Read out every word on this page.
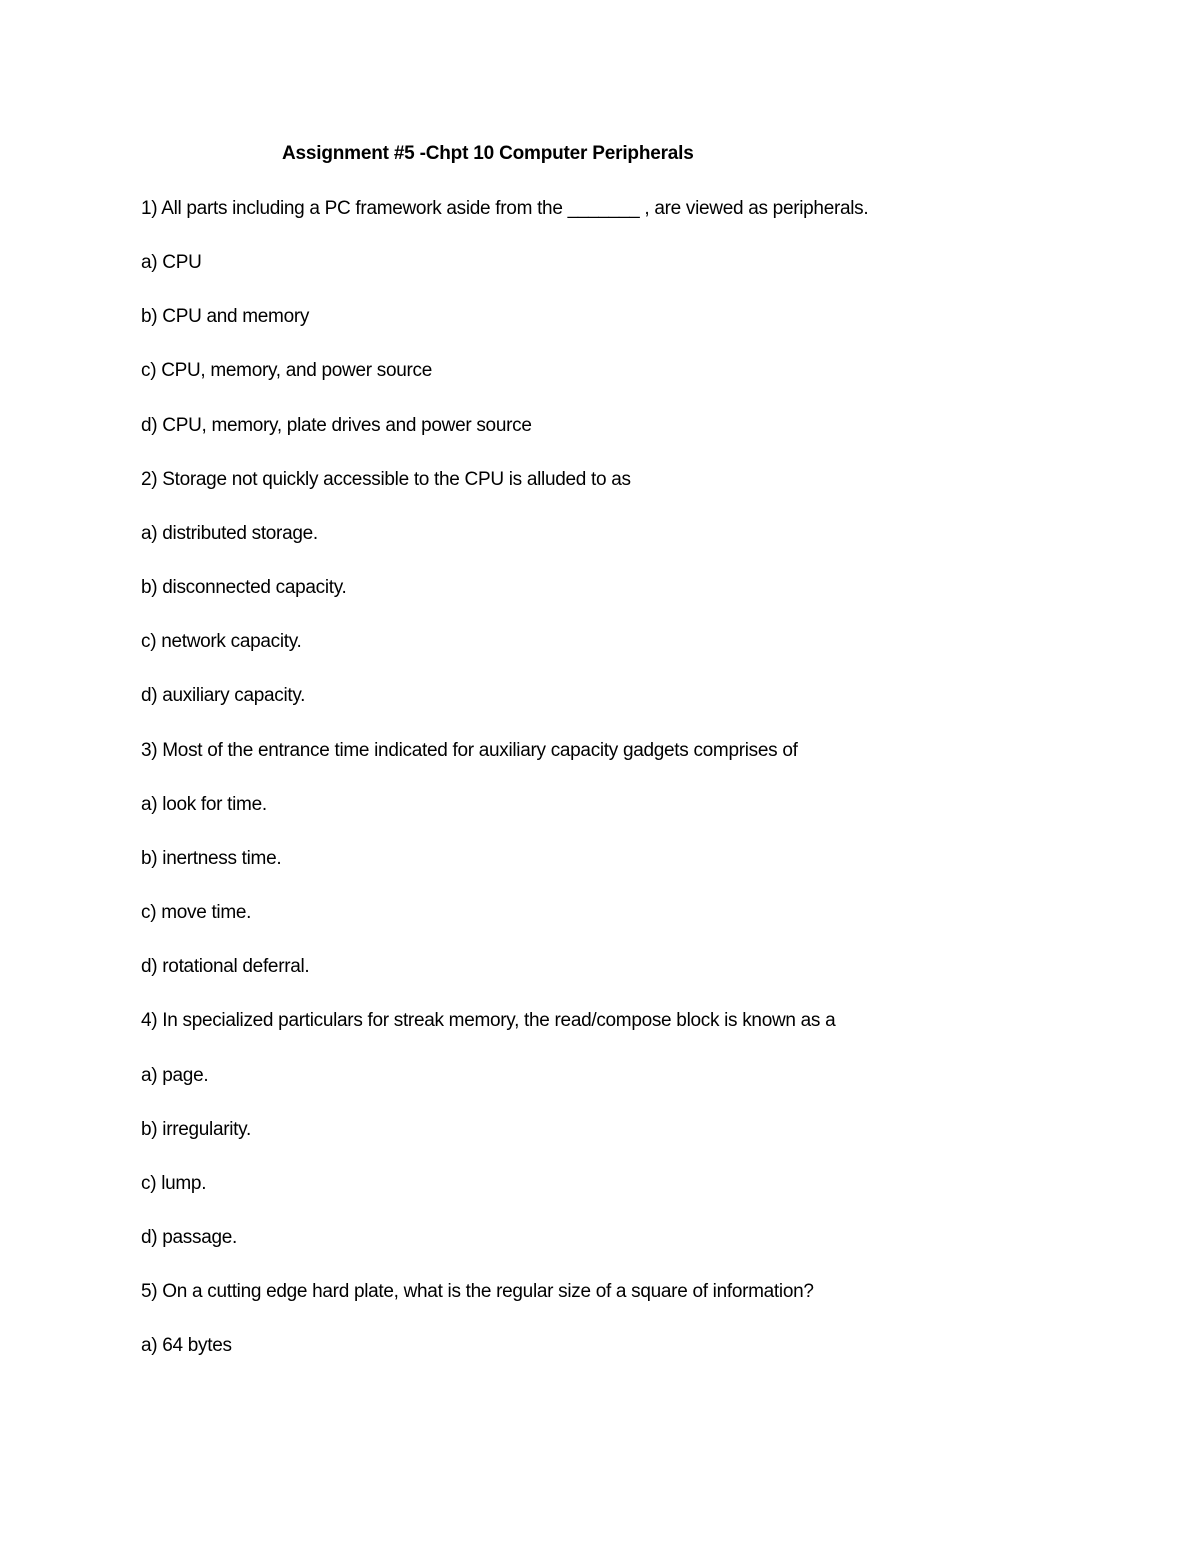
Assignment #5 -Chpt 10 Computer Peripherals
1) All parts including a PC framework aside from the _______ , are viewed as peripherals.
a) CPU
b) CPU and memory
c) CPU, memory, and power source
d) CPU, memory, plate drives and power source
2) Storage not quickly accessible to the CPU is alluded to as
a) distributed storage.
b) disconnected capacity.
c) network capacity.
d) auxiliary capacity.
3) Most of the entrance time indicated for auxiliary capacity gadgets comprises of
a) look for time.
b) inertness time.
c) move time.
d) rotational deferral.
4) In specialized particulars for streak memory, the read/compose block is known as a
a) page.
b) irregularity.
c) lump.
d) passage.
5) On a cutting edge hard plate, what is the regular size of a square of information?
a) 64 bytes
